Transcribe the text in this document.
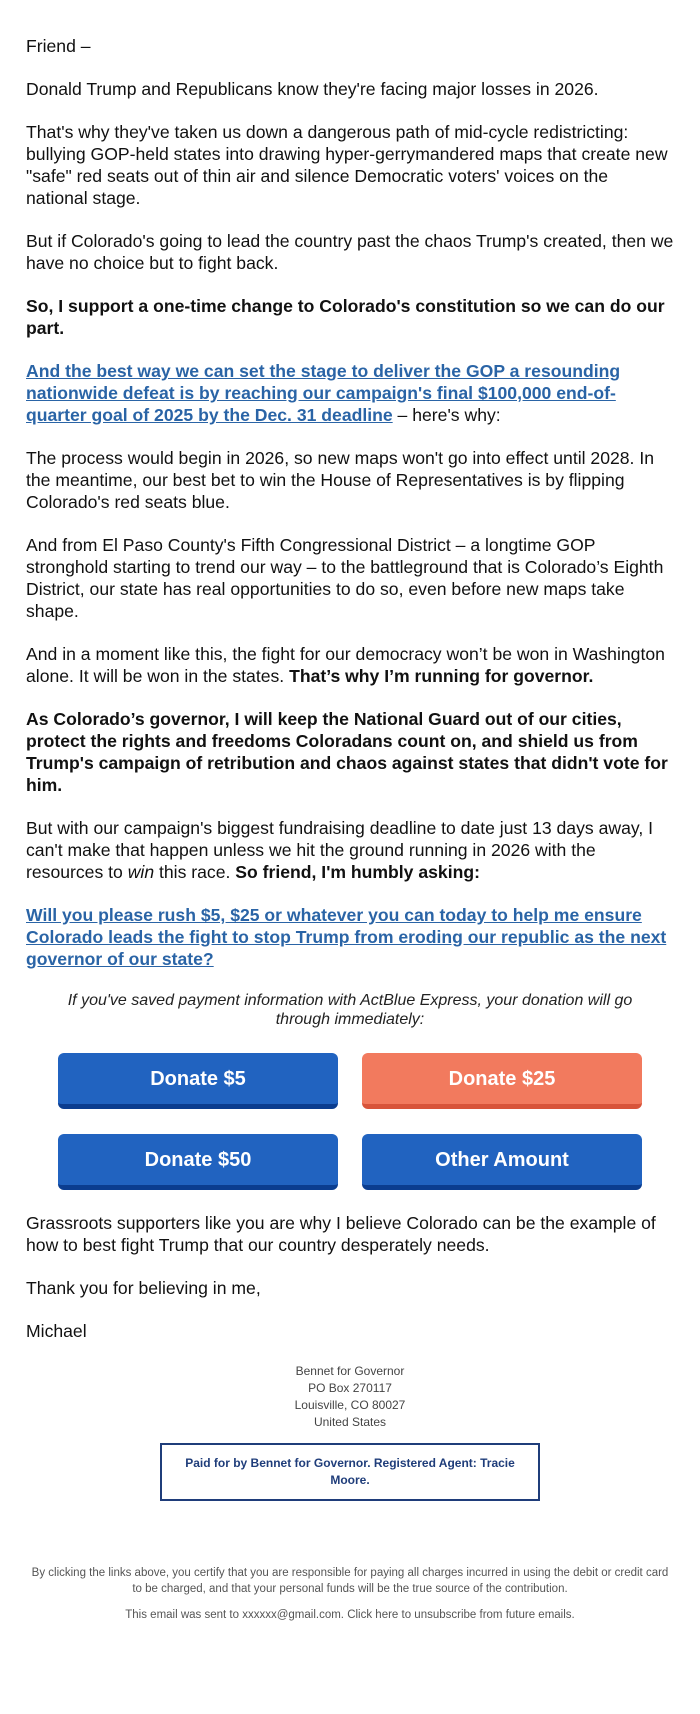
Friend –

Donald Trump and Republicans know they're facing major losses in 2026.

That's why they've taken us down a dangerous path of mid-cycle redistricting: bullying GOP-held states into drawing hyper-gerrymandered maps that create new "safe" red seats out of thin air and silence Democratic voters' voices on the national stage.

But if Colorado's going to lead the country past the chaos Trump's created, then we have no choice but to fight back.

So, I support a one-time change to Colorado's constitution so we can do our part.

And the best way we can set the stage to deliver the GOP a resounding nationwide defeat is by reaching our campaign's final $100,000 end-of-quarter goal of 2025 by the Dec. 31 deadline – here's why:

The process would begin in 2026, so new maps won't go into effect until 2028. In the meantime, our best bet to win the House of Representatives is by flipping Colorado's red seats blue.

And from El Paso County's Fifth Congressional District – a longtime GOP stronghold starting to trend our way – to the battleground that is Colorado’s Eighth District, our state has real opportunities to do so, even before new maps take shape.

And in a moment like this, the fight for our democracy won’t be won in Washington alone. It will be won in the states. That’s why I’m running for governor.

As Colorado’s governor, I will keep the National Guard out of our cities, protect the rights and freedoms Coloradans count on, and shield us from Trump's campaign of retribution and chaos against states that didn't vote for him.

But with our campaign's biggest fundraising deadline to date just 13 days away, I can't make that happen unless we hit the ground running in 2026 with the resources to win this race. So friend, I'm humbly asking:

Will you please rush $5, $25 or whatever you can today to help me ensure Colorado leads the fight to stop Trump from eroding our republic as the next governor of our state?

If you've saved payment information with ActBlue Express, your donation will go through immediately:
Donate $5	Donate $25
Donate $50	Other Amount

Grassroots supporters like you are why I believe Colorado can be the example of how to best fight Trump that our country desperately needs.

Thank you for believing in me,

Michael

Bennet for Governor
PO Box 270117
Louisville, CO 80027
United States
Paid for by Bennet for Governor. Registered Agent: Tracie Moore.
By clicking the links above, you certify that you are responsible for paying all charges incurred in using the debit or credit card to be charged, and that your personal funds will be the true source of the contribution.
This email was sent to xxxxxx@gmail.com. Click here to unsubscribe from future emails.
